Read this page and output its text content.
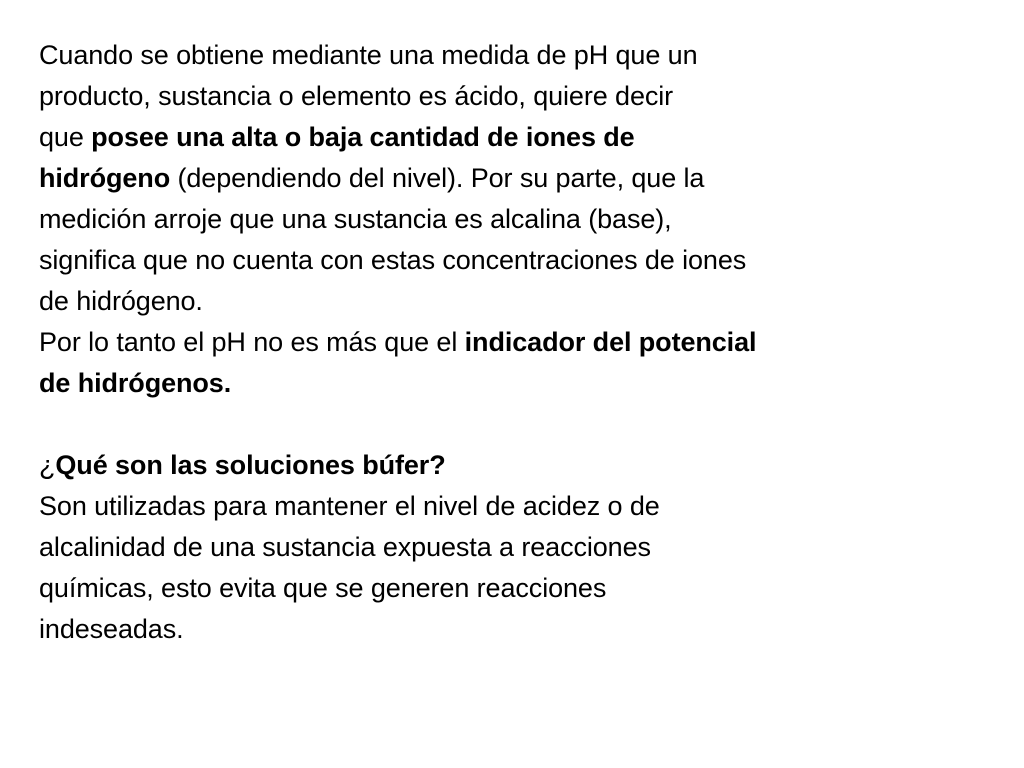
Cuando se obtiene mediante una medida de pH que un
producto, sustancia o elemento es ácido, quiere decir
que posee una alta o baja cantidad de iones de
hidrógeno (dependiendo del nivel). Por su parte, que la
medición arroje que una sustancia es alcalina (base),
significa que no cuenta con estas concentraciones de iones
de hidrógeno.
Por lo tanto el pH no es más que el indicador del potencial
de hidrógenos.
¿Qué son las soluciones búfer?
Son utilizadas para mantener el nivel de acidez o de
alcalinidad de una sustancia expuesta a reacciones
químicas, esto evita que se generen reacciones
indeseadas.
